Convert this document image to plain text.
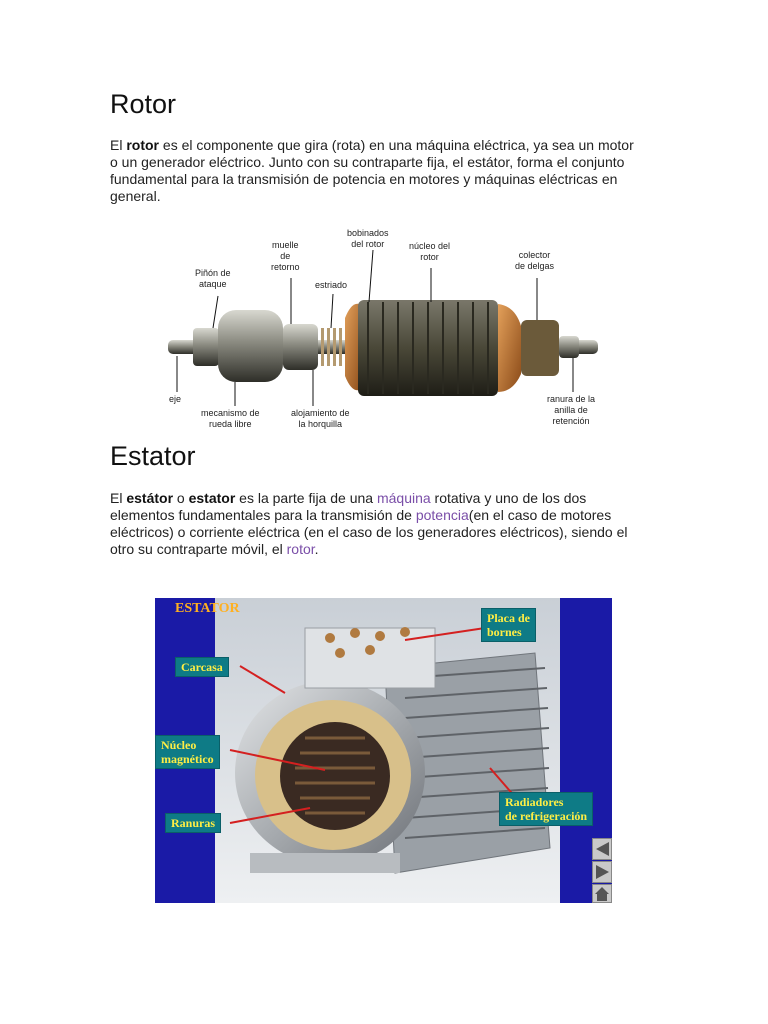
Rotor

El rotor es el componente que gira (rota) en una máquina eléctrica, ya sea un motor o un generador eléctrico. Junto con su contraparte fija, el estátor, forma el conjunto fundamental para la transmisión de potencia en motores y máquinas eléctricas en general.

bobinados
del rotor
muelle
de
retorno
núcleo del
rotor	colector
de delgas
Piñón de
ataque	estriado
eje
mecanismo de
rueda libre
alojamiento de
la horquilla
ranura de la
anilla de
retención
Estator

El estátor o estator es la parte fija de una máquina rotativa y uno de los dos elementos fundamentales para la transmisión de potencia(en el caso de motores eléctricos) o corriente eléctrica (en el caso de los generadores eléctricos), siendo el otro su contraparte móvil, el rotor.

ESTATOR
Placa de
bornes
Carcasa
Núcleo
magnético
Ranuras
Radiadores
de refrigeración
